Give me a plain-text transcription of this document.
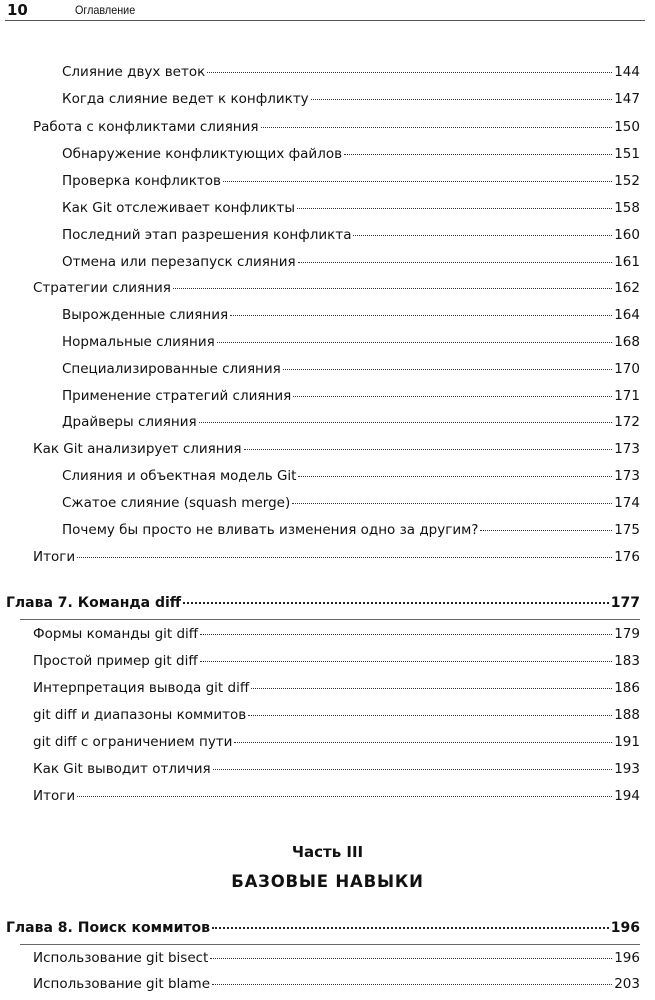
10	Оглавление
Слияние двух веток	144
Когда слияние ведет к конфликту	147
Работа с конфликтами слияния	150
Обнаружение конфликтующих файлов	151
Проверка конфликтов	152
Как Git отслеживает конфликты	158
Последний этап разрешения конфликта	160
Отмена или перезапуск слияния	161
Стратегии слияния	162
Вырожденные слияния	164
Нормальные слияния	168
Специализированные слияния	170
Применение стратегий слияния	171
Драйверы слияния	172
Как Git анализирует слияния	173
Слияния и объектная модель Git	173
Сжатое слияние (squash merge)	174
Почему бы просто не вливать изменения одно за другим?	175
Итоги	176
Глава 7. Команда diff	177
Формы команды git diff	179
Простой пример git diff	183
Интерпретация вывода git diff	186
git diff и диапазоны коммитов	188
git diff с ограничением пути	191
Как Git выводит отличия	193
Итоги	194
Часть III
БАЗОВЫЕ НАВЫКИ
Глава 8. Поиск коммитов	196
Использование git bisect	196
Использование git blame	203
